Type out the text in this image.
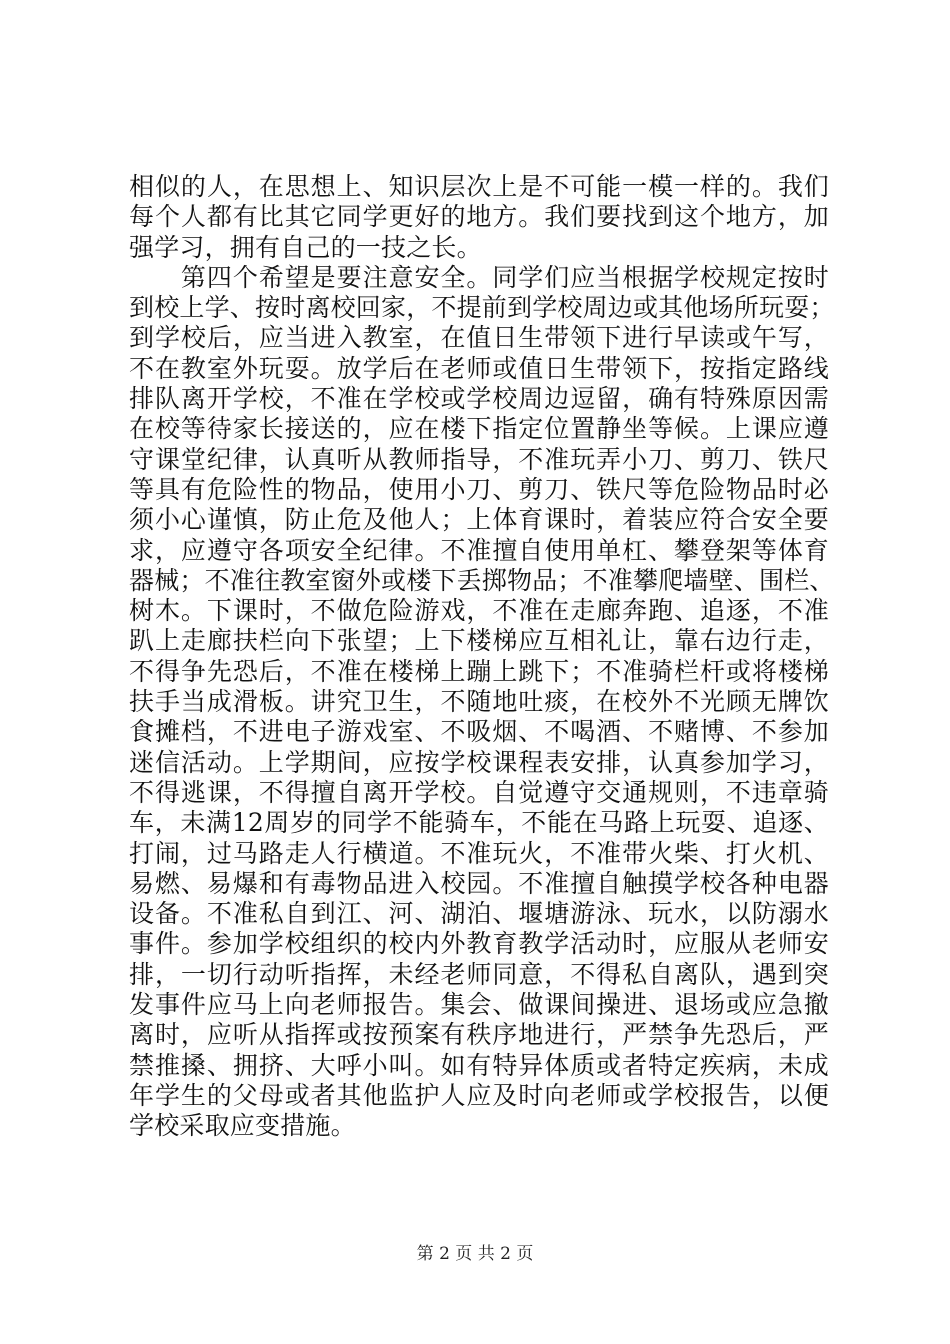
相似的人，在思想上、知识层次上是不可能一模一样的。我们
每个人都有比其它同学更好的地方。我们要找到这个地方，加
强学习，拥有自己的一技之长。
　　第四个希望是要注意安全。同学们应当根据学校规定按时
到校上学、按时离校回家，不提前到学校周边或其他场所玩耍；
到学校后，应当进入教室，在值日生带领下进行早读或午写，
不在教室外玩耍。放学后在老师或值日生带领下，按指定路线
排队离开学校，不准在学校或学校周边逗留，确有特殊原因需
在校等待家长接送的，应在楼下指定位置静坐等候。上课应遵
守课堂纪律，认真听从教师指导，不准玩弄小刀、剪刀、铁尺
等具有危险性的物品，使用小刀、剪刀、铁尺等危险物品时必
须小心谨慎，防止危及他人；上体育课时，着装应符合安全要
求，应遵守各项安全纪律。不准擅自使用单杠、攀登架等体育
器械；不准往教室窗外或楼下丢掷物品；不准攀爬墙壁、围栏、
树木。下课时，不做危险游戏，不准在走廊奔跑、追逐，不准
趴上走廊扶栏向下张望；上下楼梯应互相礼让，靠右边行走，
不得争先恐后，不准在楼梯上蹦上跳下；不准骑栏杆或将楼梯
扶手当成滑板。讲究卫生，不随地吐痰，在校外不光顾无牌饮
食摊档，不进电子游戏室、不吸烟、不喝酒、不赌博、不参加
迷信活动。上学期间，应按学校课程表安排，认真参加学习，
不得逃课，不得擅自离开学校。自觉遵守交通规则，不违章骑
车，未满12周岁的同学不能骑车，不能在马路上玩耍、追逐、
打闹，过马路走人行横道。不准玩火，不准带火柴、打火机、
易燃、易爆和有毒物品进入校园。不准擅自触摸学校各种电器
设备。不准私自到江、河、湖泊、堰塘游泳、玩水，以防溺水
事件。参加学校组织的校内外教育教学活动时，应服从老师安
排，一切行动听指挥，未经老师同意，不得私自离队，遇到突
发事件应马上向老师报告。集会、做课间操进、退场或应急撤
离时，应听从指挥或按预案有秩序地进行，严禁争先恐后，严
禁推搡、拥挤、大呼小叫。如有特异体质或者特定疾病，未成
年学生的父母或者其他监护人应及时向老师或学校报告，以便
学校采取应变措施。
第 2 页 共 2 页
